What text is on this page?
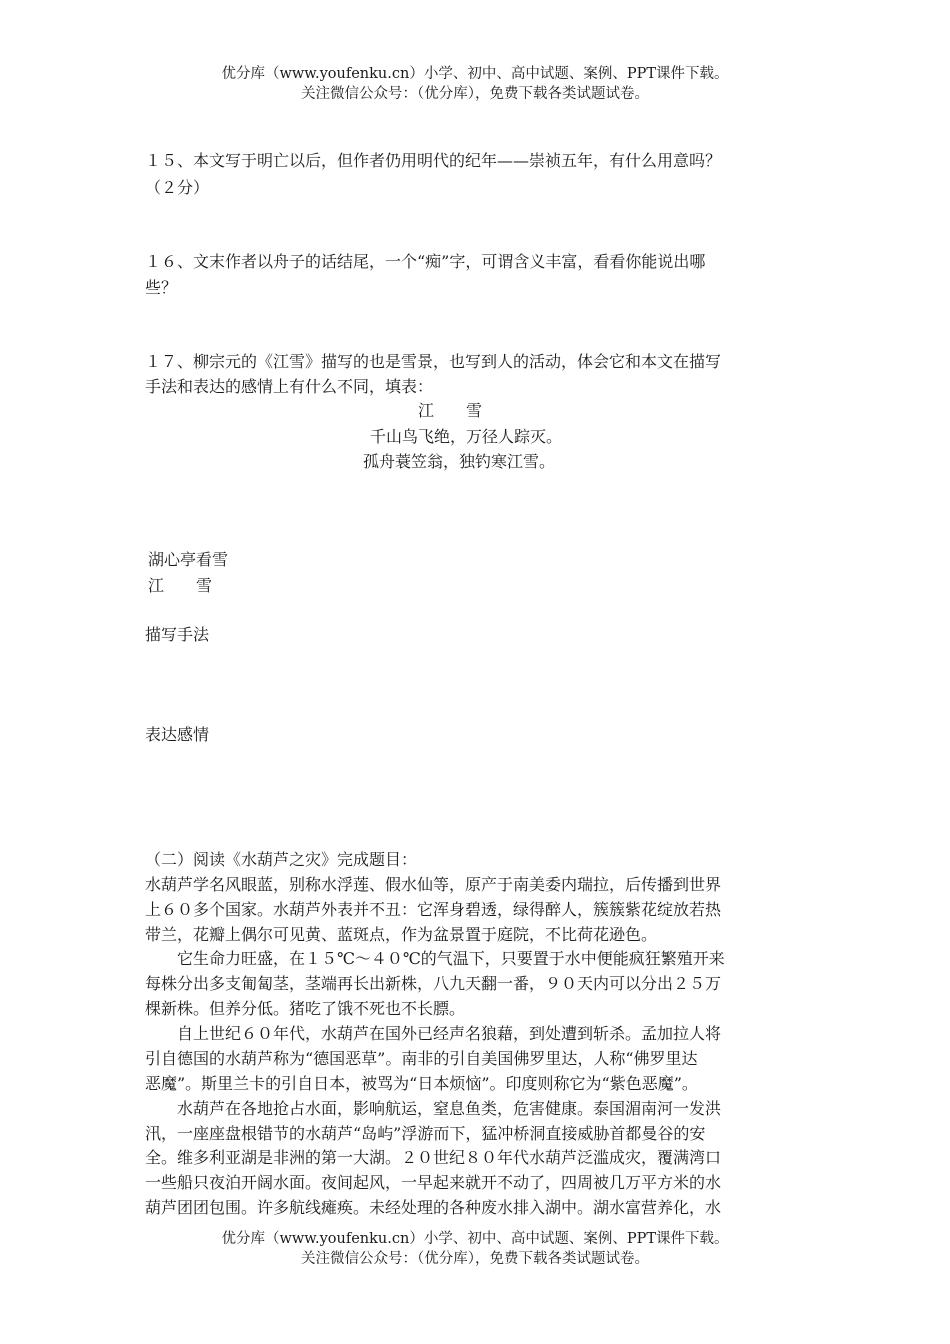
优分库（www.youfenku.cn）小学、初中、高中试题、案例、PPT课件下载。
关注微信公众号：（优分库），免费下载各类试题试卷。
１５、本文写于明亡以后，但作者仍用明代的纪年——崇祯五年，有什么用意吗？
（２分）
１６、文末作者以舟子的话结尾，一个“痴”字，可谓含义丰富，看看你能说出哪
些？
１７、柳宗元的《江雪》描写的也是雪景，也写到人的活动，体会它和本文在描写
手法和表达的感情上有什么不同，填表：
江　　雪
千山鸟飞绝，万径人踪灭。
孤舟蓑笠翁，独钓寒江雪。
湖心亭看雪
江　　雪
描写手法
表达感情
（二）阅读《水葫芦之灾》完成题目：
水葫芦学名风眼蓝，别称水浮莲、假水仙等，原产于南美委内瑞拉，后传播到世界
上６０多个国家。水葫芦外表并不丑：它浑身碧透，绿得醉人，簇簇紫花绽放若热
带兰，花瓣上偶尔可见黄、蓝斑点，作为盆景置于庭院，不比荷花逊色。
　　它生命力旺盛，在１５℃～４０℃的气温下，只要置于水中便能疯狂繁殖开来
每株分出多支匍匐茎，茎端再长出新株，八九天翻一番，９０天内可以分出２５万
棵新株。但养分低。猪吃了饿不死也不长膘。
　　自上世纪６０年代，水葫芦在国外已经声名狼藉，到处遭到斩杀。孟加拉人将
引自德国的水葫芦称为“德国恶草”。南非的引自美国佛罗里达，人称“佛罗里达
恶魔”。斯里兰卡的引自日本，被骂为“日本烦恼”。印度则称它为“紫色恶魔”。
　　水葫芦在各地抢占水面，影响航运，窒息鱼类，危害健康。泰国湄南河一发洪
汛，一座座盘根错节的水葫芦“岛屿”浮游而下，猛冲桥洞直接威胁首都曼谷的安
全。维多利亚湖是非洲的第一大湖。２０世纪８０年代水葫芦泛滥成灾，覆满湾口
一些船只夜泊开阔水面。夜间起风，一早起来就开不动了，四周被几万平方米的水
葫芦团团包围。许多航线瘫痪。未经处理的各种废水排入湖中。湖水富营养化，水
优分库（www.youfenku.cn）小学、初中、高中试题、案例、PPT课件下载。
关注微信公众号：（优分库），免费下载各类试题试卷。
